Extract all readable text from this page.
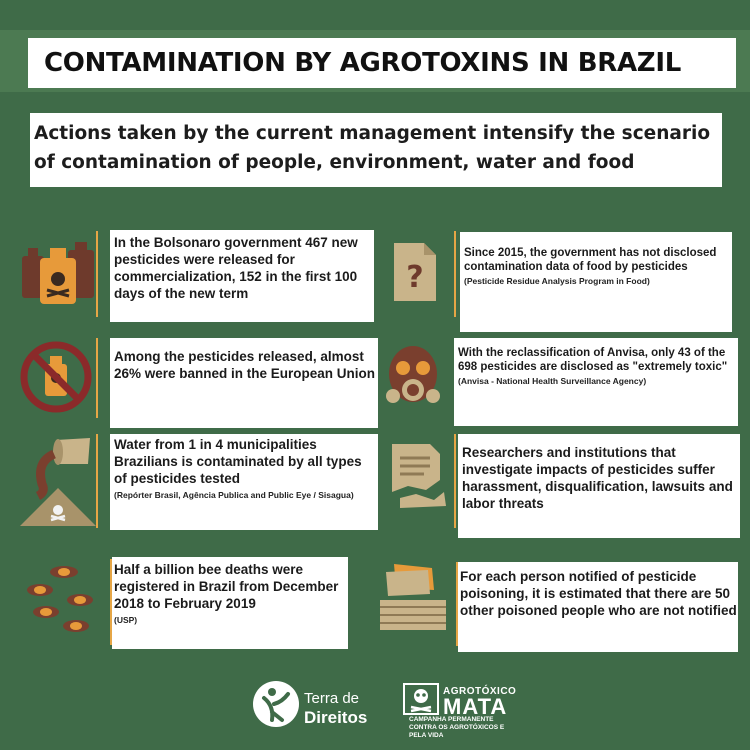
CONTAMINATION BY AGROTOXINS IN BRAZIL
Actions taken by the current management intensify the scenario of contamination of people, environment, water and food

In the Bolsonaro government 467 new pesticides were released for commercialization, 152 in the first 100 days of the new term	?

Since 2015, the government has not disclosed contamination data of food by pesticides

(Pesticide Residue Analysis Program in Food)

Among the pesticides released, almost 26% were banned in the European Union

With the reclassification of Anvisa, only 43 of the 698 pesticides are disclosed as "extremely toxic"

(Anvisa - National Health Surveillance Agency)

Water from 1 in 4 municipalities Brazilians is contaminated by all types of pesticides tested

(Repórter Brasil, Agência Publica and Public Eye / Sisagua)

Researchers and institutions that investigate impacts of pesticides suffer harassment, disqualification, lawsuits and labor threats

Half a billion bee deaths were registered in Brazil from December 2018 to February 2019

(USP)

For each person notified of pesticide poisoning, it is estimated that there are 50 other poisoned people who are not notified

Terra de
Direitos
AGROTÓXICO
MATA
CAMPANHA PERMANENTE CONTRA OS AGROTÓXICOS E PELA VIDA
